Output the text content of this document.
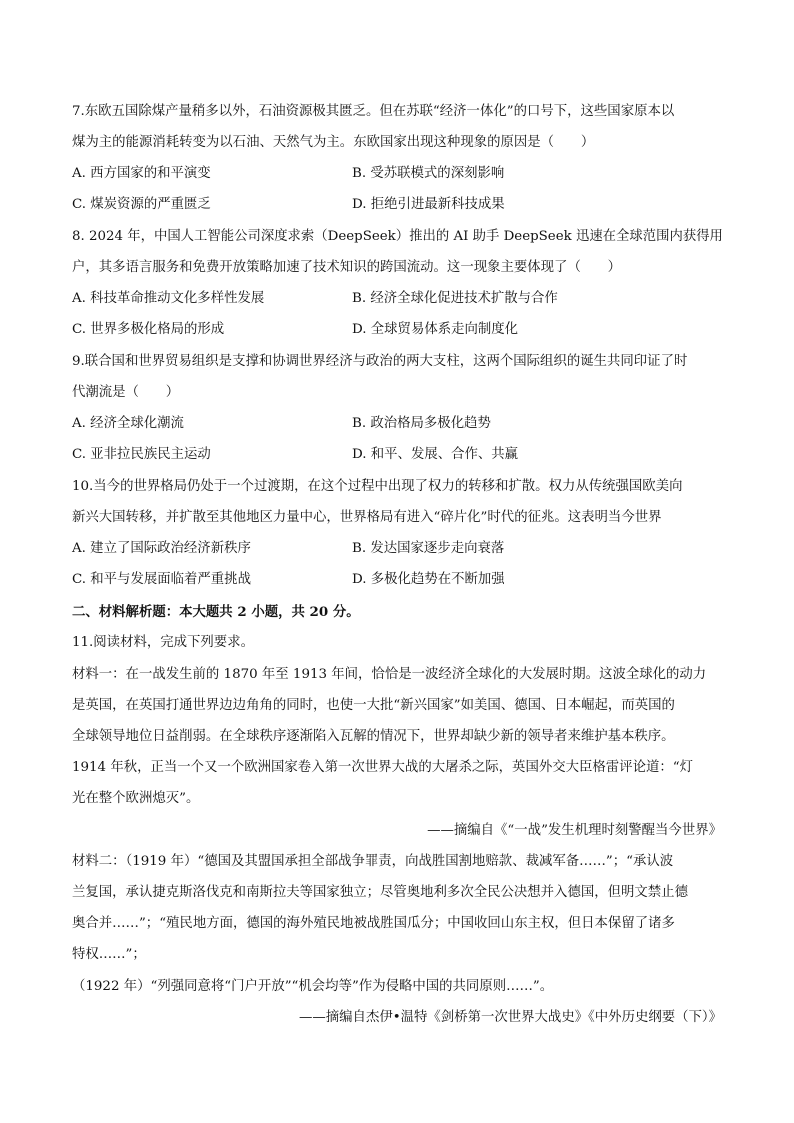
7.东欧五国除煤产量稍多以外，石油资源极其匮乏。但在苏联“经济一体化”的口号下，这些国家原本以
煤为主的能源消耗转变为以石油、天然气为主。东欧国家出现这种现象的原因是（　　）
A. 西方国家的和平演变	B. 受苏联模式的深刻影响
C. 煤炭资源的严重匮乏	D. 拒绝引进最新科技成果
8. 2024 年，中国人工智能公司深度求索（DeepSeek）推出的 AI 助手 DeepSeek 迅速在全球范围内获得用
户，其多语言服务和免费开放策略加速了技术知识的跨国流动。这一现象主要体现了（　　）
A. 科技革命推动文化多样性发展	B. 经济全球化促进技术扩散与合作
C. 世界多极化格局的形成	D. 全球贸易体系走向制度化
9.联合国和世界贸易组织是支撑和协调世界经济与政治的两大支柱，这两个国际组织的诞生共同印证了时
代潮流是（　　）
A. 经济全球化潮流	B. 政治格局多极化趋势
C. 亚非拉民族民主运动	D. 和平、发展、合作、共赢
10.当今的世界格局仍处于一个过渡期，在这个过程中出现了权力的转移和扩散。权力从传统强国欧美向
新兴大国转移，并扩散至其他地区力量中心，世界格局有进入“碎片化”时代的征兆。这表明当今世界
A. 建立了国际政治经济新秩序	B. 发达国家逐步走向衰落
C. 和平与发展面临着严重挑战	D. 多极化趋势在不断加强
二、材料解析题：本大题共 2 小题，共 20 分。
11.阅读材料，完成下列要求。
材料一：在一战发生前的 1870 年至 1913 年间，恰恰是一波经济全球化的大发展时期。这波全球化的动力
是英国，在英国打通世界边边角角的同时，也使一大批“新兴国家”如美国、德国、日本崛起，而英国的
全球领导地位日益削弱。在全球秩序逐渐陷入瓦解的情况下，世界却缺少新的领导者来维护基本秩序。
1914 年秋，正当一个又一个欧洲国家卷入第一次世界大战的大屠杀之际，英国外交大臣格雷评论道：“灯
光在整个欧洲熄灭”。
——摘编自《“一战”发生机理时刻警醒当今世界》
材料二：（1919 年）“德国及其盟国承担全部战争罪责，向战胜国割地赔款、裁减军备……”；“承认波
兰复国，承认捷克斯洛伐克和南斯拉夫等国家独立；尽管奥地利多次全民公决想并入德国，但明文禁止德
奥合并……”；“殖民地方面，德国的海外殖民地被战胜国瓜分；中国收回山东主权，但日本保留了诸多
特权……”；
（1922 年）“列强同意将“门户开放”“机会均等”作为侵略中国的共同原则……”。
——摘编自杰伊•温特《剑桥第一次世界大战史》《中外历史纲要（下）》
